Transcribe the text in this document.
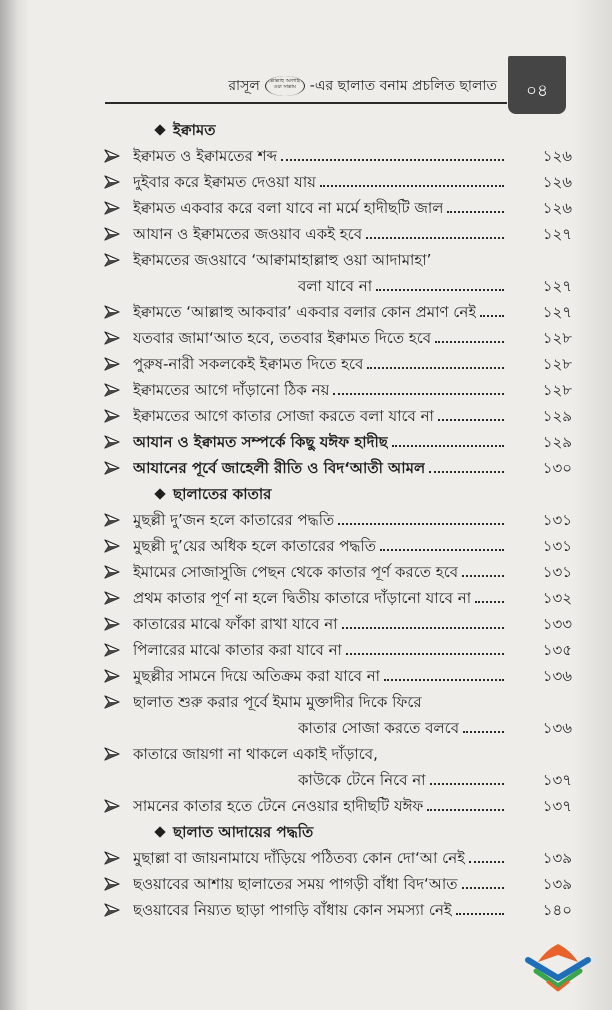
রাসূল	ছাল্লাল্লাহু আলাইহি ওয়া সাল্লাম -এর ছালাত বনাম প্রচলিত ছালাত	০৪
ইক্বামত
ইক্বামত ও ইক্বামতের শব্দ	১২৬
দুইবার করে ইক্বামত দেওয়া যায়	১২৬
ইক্বামত একবার করে বলা যাবে না মর্মে হাদীছটি জাল	১২৬
আযান ও ইক্বামতের জওয়াব একই হবে	১২৭
ইক্বামতের জওয়াবে ‘আক্বামাহাল্লাহু ওয়া আদামাহা’
বলা যাবে না	১২৭
ইক্বামতে ‘আল্লাহু আকবার’ একবার বলার কোন প্রমাণ নেই	১২৭
যতবার জামা‘আত হবে, ততবার ইক্বামত দিতে হবে	১২৮
পুরুষ-নারী সকলকেই ইক্বামত দিতে হবে	১২৮
ইক্বামতের আগে দাঁড়ানো ঠিক নয়	১২৮
ইক্বামতের আগে কাতার সোজা করতে বলা যাবে না	১২৯
আযান ও ইক্বামত সম্পর্কে কিছু যঈফ হাদীছ	১২৯
আযানের পূর্বে জাহেলী রীতি ও বিদ‘আতী আমল	১৩০
ছালাতের কাতার
মুছল্লী দু’জন হলে কাতারের পদ্ধতি	১৩১
মুছল্লী দু’য়ের অধিক হলে কাতারের পদ্ধতি	১৩১
ইমামের সোজাসুজি পেছন থেকে কাতার পূর্ণ করতে হবে	১৩১
প্রথম কাতার পূর্ণ না হলে দ্বিতীয় কাতারে দাঁড়ানো যাবে না	১৩২
কাতারের মাঝে ফাঁকা রাখা যাবে না	১৩৩
পিলারের মাঝে কাতার করা যাবে না	১৩৫
মুছল্লীর সামনে দিয়ে অতিক্রম করা যাবে না	১৩৬
ছালাত শুরু করার পূর্বে ইমাম মুক্তাদীর দিকে ফিরে
কাতার সোজা করতে বলবে	১৩৬
কাতারে জায়গা না থাকলে একাই দাঁড়াবে,
কাউকে টেনে নিবে না	১৩৭
সামনের কাতার হতে টেনে নেওয়ার হাদীছটি যঈফ	১৩৭
ছালাত আদায়ের পদ্ধতি
মুছাল্লা বা জায়নামাযে দাঁড়িয়ে পঠিতব্য কোন দো‘আ নেই	১৩৯
ছওয়াবের আশায় ছালাতের সময় পাগড়ী বাঁধা বিদ‘আত	১৩৯
ছওয়াবের নিয়্যত ছাড়া পাগড়ি বাঁধায় কোন সমস্যা নেই	১৪০
